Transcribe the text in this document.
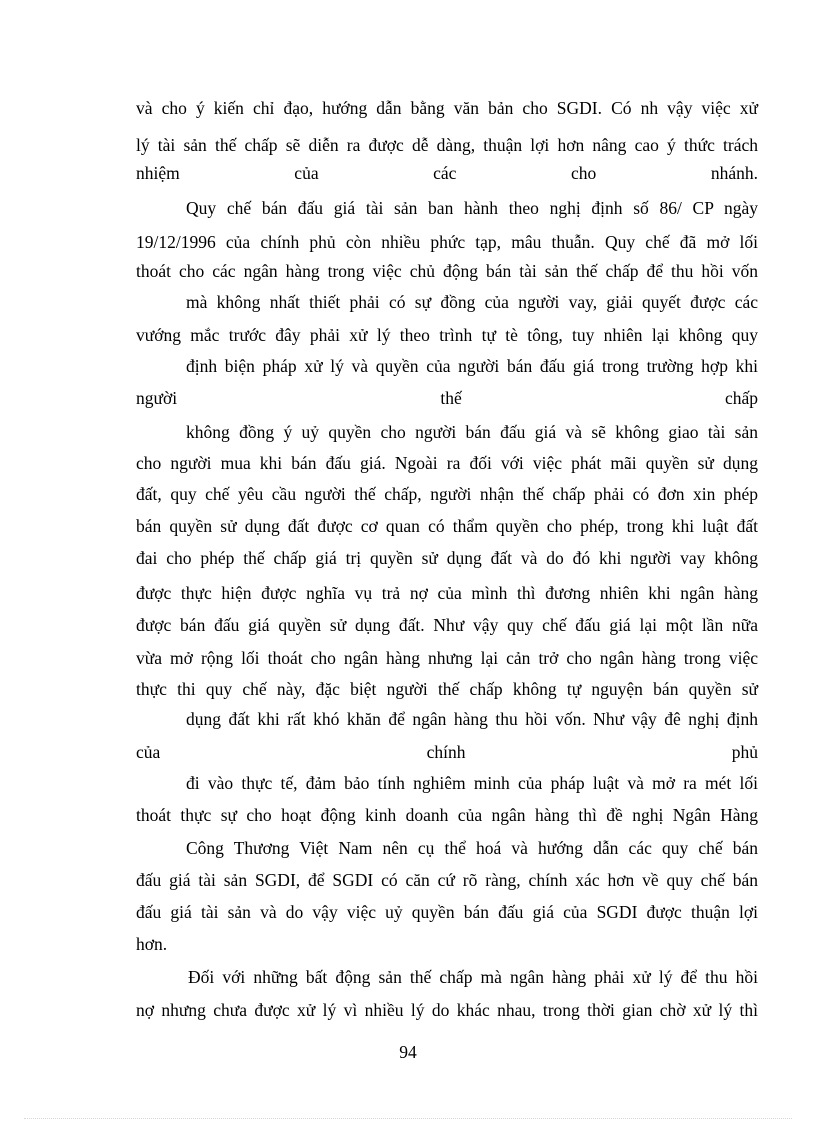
và cho ý kiến chỉ đạo, hướng dẫn bằng văn bản cho SGDI. Có nh vậy việc xử
lý tài sản thế chấp sẽ diễn ra được dễ dàng, thuận lợi hơn nâng cao ý thức trách
nhiệm	của	các	cho	nhánh.
Quy chế bán đấu giá tài sản ban hành theo nghị định số 86/ CP ngày
19/12/1996 của chính phủ còn nhiều phức tạp, mâu thuẫn. Quy chế đã mở lối
thoát cho các ngân hàng trong việc chủ động bán tài sản thế chấp để thu hồi vốn
mà không nhất thiết phải có sự đồng của người vay, giải quyết được các
vướng mắc trước đây phải xử lý theo trình tự tè tông, tuy nhiên lại không quy
định biện pháp xử lý và quyền của người bán đấu giá trong trường hợp khi
người	thế	chấp
không đồng ý uỷ quyền cho người bán đấu giá và sẽ không giao tài sản
cho người mua khi bán đấu giá. Ngoài ra đối với việc phát mãi quyền sử dụng
đất, quy chế yêu cầu người thế chấp, người nhận thế chấp phải có đơn xin phép
bán quyền sử dụng đất được cơ quan có thẩm quyền cho phép, trong khi luật đất
đai cho phép thế chấp giá trị quyền sử dụng đất và do đó khi người vay không
được thực hiện được nghĩa vụ trả nợ của mình thì đương nhiên khi ngân hàng
được bán đấu giá quyền sử dụng đất. Như vậy quy chế đấu giá lại một lần nữa
vừa mở rộng lối thoát cho ngân hàng nhưng lại cản trở cho ngân hàng trong việc
thực thi quy chế này, đặc biệt người thế chấp không tự nguyện bán quyền sử
dụng đất khi rất khó khăn để ngân hàng thu hồi vốn. Như vậy đê nghị định
của	chính	phủ
đi vào thực tế, đảm bảo tính nghiêm minh của pháp luật và mở ra mét lối
thoát thực sự cho hoạt động kinh doanh của ngân hàng thì đề nghị Ngân Hàng
Công Thương Việt Nam nên cụ thể hoá và hướng dẫn các quy chế bán
đấu giá tài sản SGDI, để SGDI có căn cứ rõ ràng, chính xác hơn về quy chế bán
đấu giá tài sản và do vậy việc uỷ quyền bán đấu giá của SGDI được thuận lợi
hơn.
Đối với những bất động sản thế chấp mà ngân hàng phải xử lý để thu hồi
nợ nhưng chưa được xử lý vì nhiều lý do khác nhau, trong thời gian chờ xử lý thì
94
